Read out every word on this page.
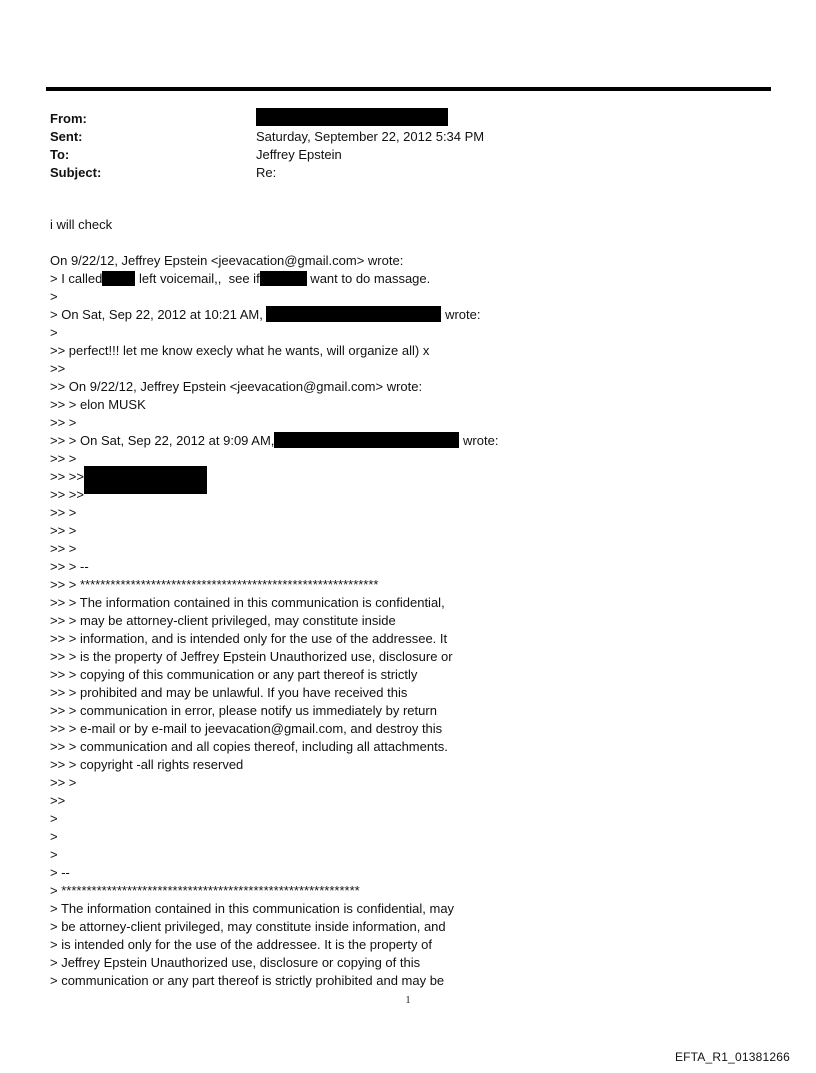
From:
Sent:	Saturday, September 22, 2012 5:34 PM
To:	Jeffrey Epstein
Subject:	Re:
i will check
On 9/22/12, Jeffrey Epstein <jeevacation@gmail.com> wrote:
> I called	left voicemail,,  see if	want to do massage.
>
> On Sat, Sep 22, 2012 at 10:21 AM,	wrote:
>
>> perfect!!! let me know execly what he wants, will organize all) x
>>
>> On 9/22/12, Jeffrey Epstein <jeevacation@gmail.com> wrote:
>> > elon MUSK
>> >
>> > On Sat, Sep 22, 2012 at 9:09 AM,	wrote:
>> >
>> >>
>> >>
>> >
>> >
>> >
>> > --
>> > ***********************************************************
>> > The information contained in this communication is confidential,
>> > may be attorney-client privileged, may constitute inside
>> > information, and is intended only for the use of the addressee. It
>> > is the property of Jeffrey Epstein Unauthorized use, disclosure or
>> > copying of this communication or any part thereof is strictly
>> > prohibited and may be unlawful. If you have received this
>> > communication in error, please notify us immediately by return
>> > e-mail or by e-mail to jeevacation@gmail.com, and destroy this
>> > communication and all copies thereof, including all attachments.
>> > copyright -all rights reserved
>> >
>>
>
>
>
> --
> ***********************************************************
> The information contained in this communication is confidential, may
> be attorney-client privileged, may constitute inside information, and
> is intended only for the use of the addressee. It is the property of
> Jeffrey Epstein Unauthorized use, disclosure or copying of this
> communication or any part thereof is strictly prohibited and may be
1
EFTA_R1_01381266
